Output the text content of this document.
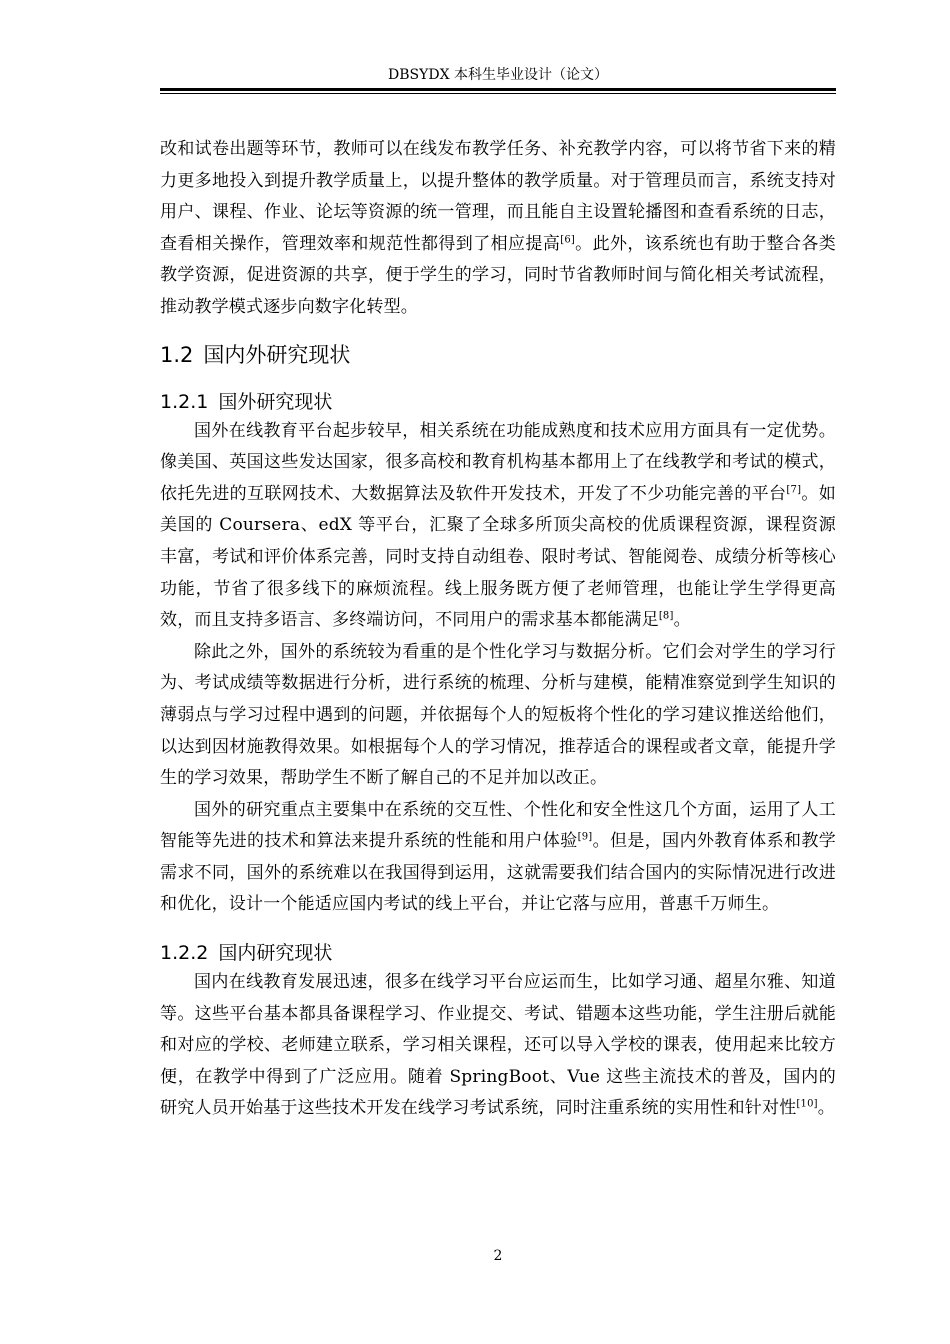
DBSYDX 本科生毕业设计（论文）

改和试卷出题等环节，教师可以在线发布教学任务、补充教学内容，可以将节省下来的精力更多地投入到提升教学质量上，以提升整体的教学质量。对于管理员而言，系统支持对用户、课程、作业、论坛等资源的统一管理，而且能自主设置轮播图和查看系统的日志，查看相关操作，管理效率和规范性都得到了相应提高[6]。此外，该系统也有助于整合各类教学资源，促进资源的共享，便于学生的学习，同时节省教师时间与简化相关考试流程，推动教学模式逐步向数字化转型。

1.2 国内外研究现状
1.2.1 国外研究现状

国外在线教育平台起步较早，相关系统在功能成熟度和技术应用方面具有一定优势。像美国、英国这些发达国家，很多高校和教育机构基本都用上了在线教学和考试的模式，依托先进的互联网技术、大数据算法及软件开发技术，开发了不少功能完善的平台[7]。如美国的 Coursera、edX 等平台，汇聚了全球多所顶尖高校的优质课程资源，课程资源丰富，考试和评价体系完善，同时支持自动组卷、限时考试、智能阅卷、成绩分析等核心功能，节省了很多线下的麻烦流程。线上服务既方便了老师管理，也能让学生学得更高效，而且支持多语言、多终端访问，不同用户的需求基本都能满足[8]。

除此之外，国外的系统较为看重的是个性化学习与数据分析。它们会对学生的学习行为、考试成绩等数据进行分析，进行系统的梳理、分析与建模，能精准察觉到学生知识的薄弱点与学习过程中遇到的问题，并依据每个人的短板将个性化的学习建议推送给他们，以达到因材施教得效果。如根据每个人的学习情况，推荐适合的课程或者文章，能提升学生的学习效果，帮助学生不断了解自己的不足并加以改正。

国外的研究重点主要集中在系统的交互性、个性化和安全性这几个方面，运用了人工智能等先进的技术和算法来提升系统的性能和用户体验[9]。但是，国内外教育体系和教学需求不同，国外的系统难以在我国得到运用，这就需要我们结合国内的实际情况进行改进和优化，设计一个能适应国内考试的线上平台，并让它落与应用，普惠千万师生。

1.2.2 国内研究现状

国内在线教育发展迅速，很多在线学习平台应运而生，比如学习通、超星尔雅、知道等。这些平台基本都具备课程学习、作业提交、考试、错题本这些功能，学生注册后就能和对应的学校、老师建立联系，学习相关课程，还可以导入学校的课表，使用起来比较方便，在教学中得到了广泛应用。随着 SpringBoot、Vue 这些主流技术的普及，国内的研究人员开始基于这些技术开发在线学习考试系统，同时注重系统的实用性和针对性[10]。

2
